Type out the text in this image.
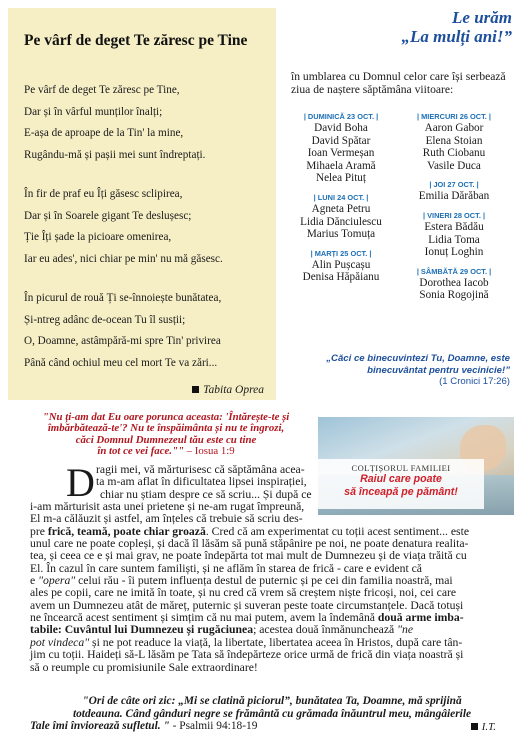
Pe vârf de deget Te zăresc pe Tine
Pe vârf de deget Te zăresc pe Tine,
Dar și în vârful munților înalți;
E-așa de aproape de la Tin' la mine,
Rugându-mă și pașii mei sunt îndreptați.
În fir de praf eu Îți găsesc sclipirea,
Dar și în Soarele gigant Te deslușesc;
Ție Îți șade la picioare omenirea,
Iar eu ades', nici chiar pe min' nu mă găsesc.
În picurul de rouă Ți se-înnoiește bunătatea,
Și-ntreg adânc de-ocean Tu îl susții;
O, Doamne, astâmpără-mi spre Tin' privirea
Până când ochiul meu cel mort Te va zări...
Tabita Oprea
Le urăm
„La mulți ani!”
în umblarea cu Domnul celor care își serbează ziua de naștere săptămâna viitoare:
| DUMINICĂ 23 OCT. |
David Boha
David Spătar
Ioan Vermeșan
Mihaela Aramă
Nelea Pituț
| LUNI 24 OCT. |
Agneta Petru
Lidia Dănciulescu
Marius Tomuța
| MARȚI 25 OCT. |
Alin Pușcașu
Denisa Hăpăianu
| MIERCURI 26 OCT. |
Aaron Gabor
Elena Stoian
Ruth Ciobanu
Vasile Duca
| JOI 27 OCT. |
Emilia Dărăban
| VINERI 28 OCT. |
Estera Bădău
Lidia Toma
Ionuț Loghin
| SÂMBĂTĂ 29 OCT. |
Dorothea Iacob
Sonia Rogojină
„Căci ce binecuvintezi Tu, Doamne, este
binecuvântat pentru vecinicie!”
(1 Cronici 17:26)
"Nu ți-am dat Eu oare porunca aceasta: 'Întărește-te și
îmbărbătează-te'? Nu te înspăimânta și nu te îngrozi,
căci Domnul Dumnezeul tău este cu tine
în tot ce vei face."" – Iosua 1:9
COLȚIȘORUL FAMILIEI
Raiul care poate
să înceapă pe pământ!
D ragii mei, vă mărturisesc că săptămâna acea-
ta m-am aflat în dificultatea lipsei inspirației,
chiar nu știam despre ce să scriu... Și după ce
i-am mărturisit asta unei prietene și ne-am rugat împreună,
El m-a călăuzit și astfel, am înțeles că trebuie să scriu des-
pre frică, teamă, poate chiar groază. Cred că am experimentat cu toții acest sentiment... este
unul care ne poate copleși, și dacă îl lăsăm să pună stăpânire pe noi, ne poate denatura realita-
tea, și ceea ce e și mai grav, ne poate îndepărta tot mai mult de Dumnezeu și de viața trăită cu
El. În cazul în care suntem familiști, și ne aflăm în starea de frică - care e evident că
e "opera" celui rău - îi putem influența destul de puternic și pe cei din familia noastră, mai
ales pe copii, care ne imită în toate, și nu cred că vrem să creștem niște fricoși, noi, cei care
avem un Dumnezeu atât de măreț, puternic și suveran peste toate circumstanțele. Dacă totuși
ne încearcă acest sentiment și simțim că nu mai putem, avem la îndemână două arme imba-
tabile: Cuvântul lui Dumnezeu și rugăciunea; acestea două înmănunchează "ne
pot vindeca" și ne pot readuce la viață, la libertate, libertatea aceea în Hristos, după care tân-
jim cu toții. Haideți să-L lăsăm pe Tata să îndepărteze orice urmă de frică din viața noastră și
să o reumple cu promisiunile Sale extraordinare!
"Ori de câte ori zic: „Mi se clatină piciorul”, bunătatea Ta, Doamne, mă sprijină
totdeauna. Când gânduri negre se frământă cu grămada înăuntrul meu, mângâierile
Tale îmi înviorează sufletul. " - Psalmii 94:18-19	I.T.
